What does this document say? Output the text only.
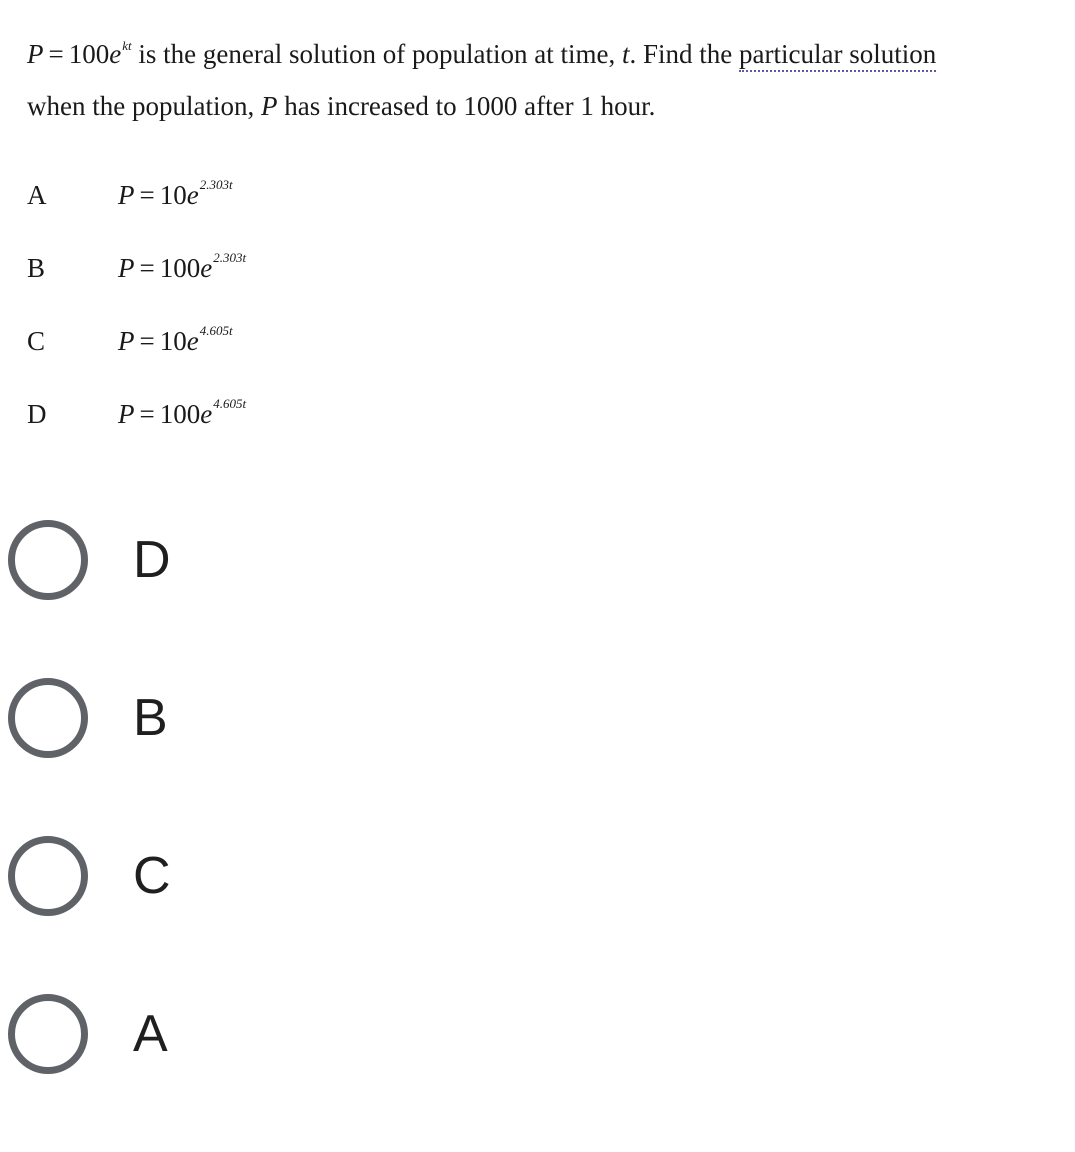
$P = 100e^{kt}$ is the general solution of population at time, t. Find the particular solution
when the population, P has increased to 1000 after 1 hour.
A	$P = 10e^{2.303t}$
B	$P = 100e^{2.303t}$
C	$P = 10e^{4.605t}$
D	$P = 100e^{4.605t}$
D
B
C
A
